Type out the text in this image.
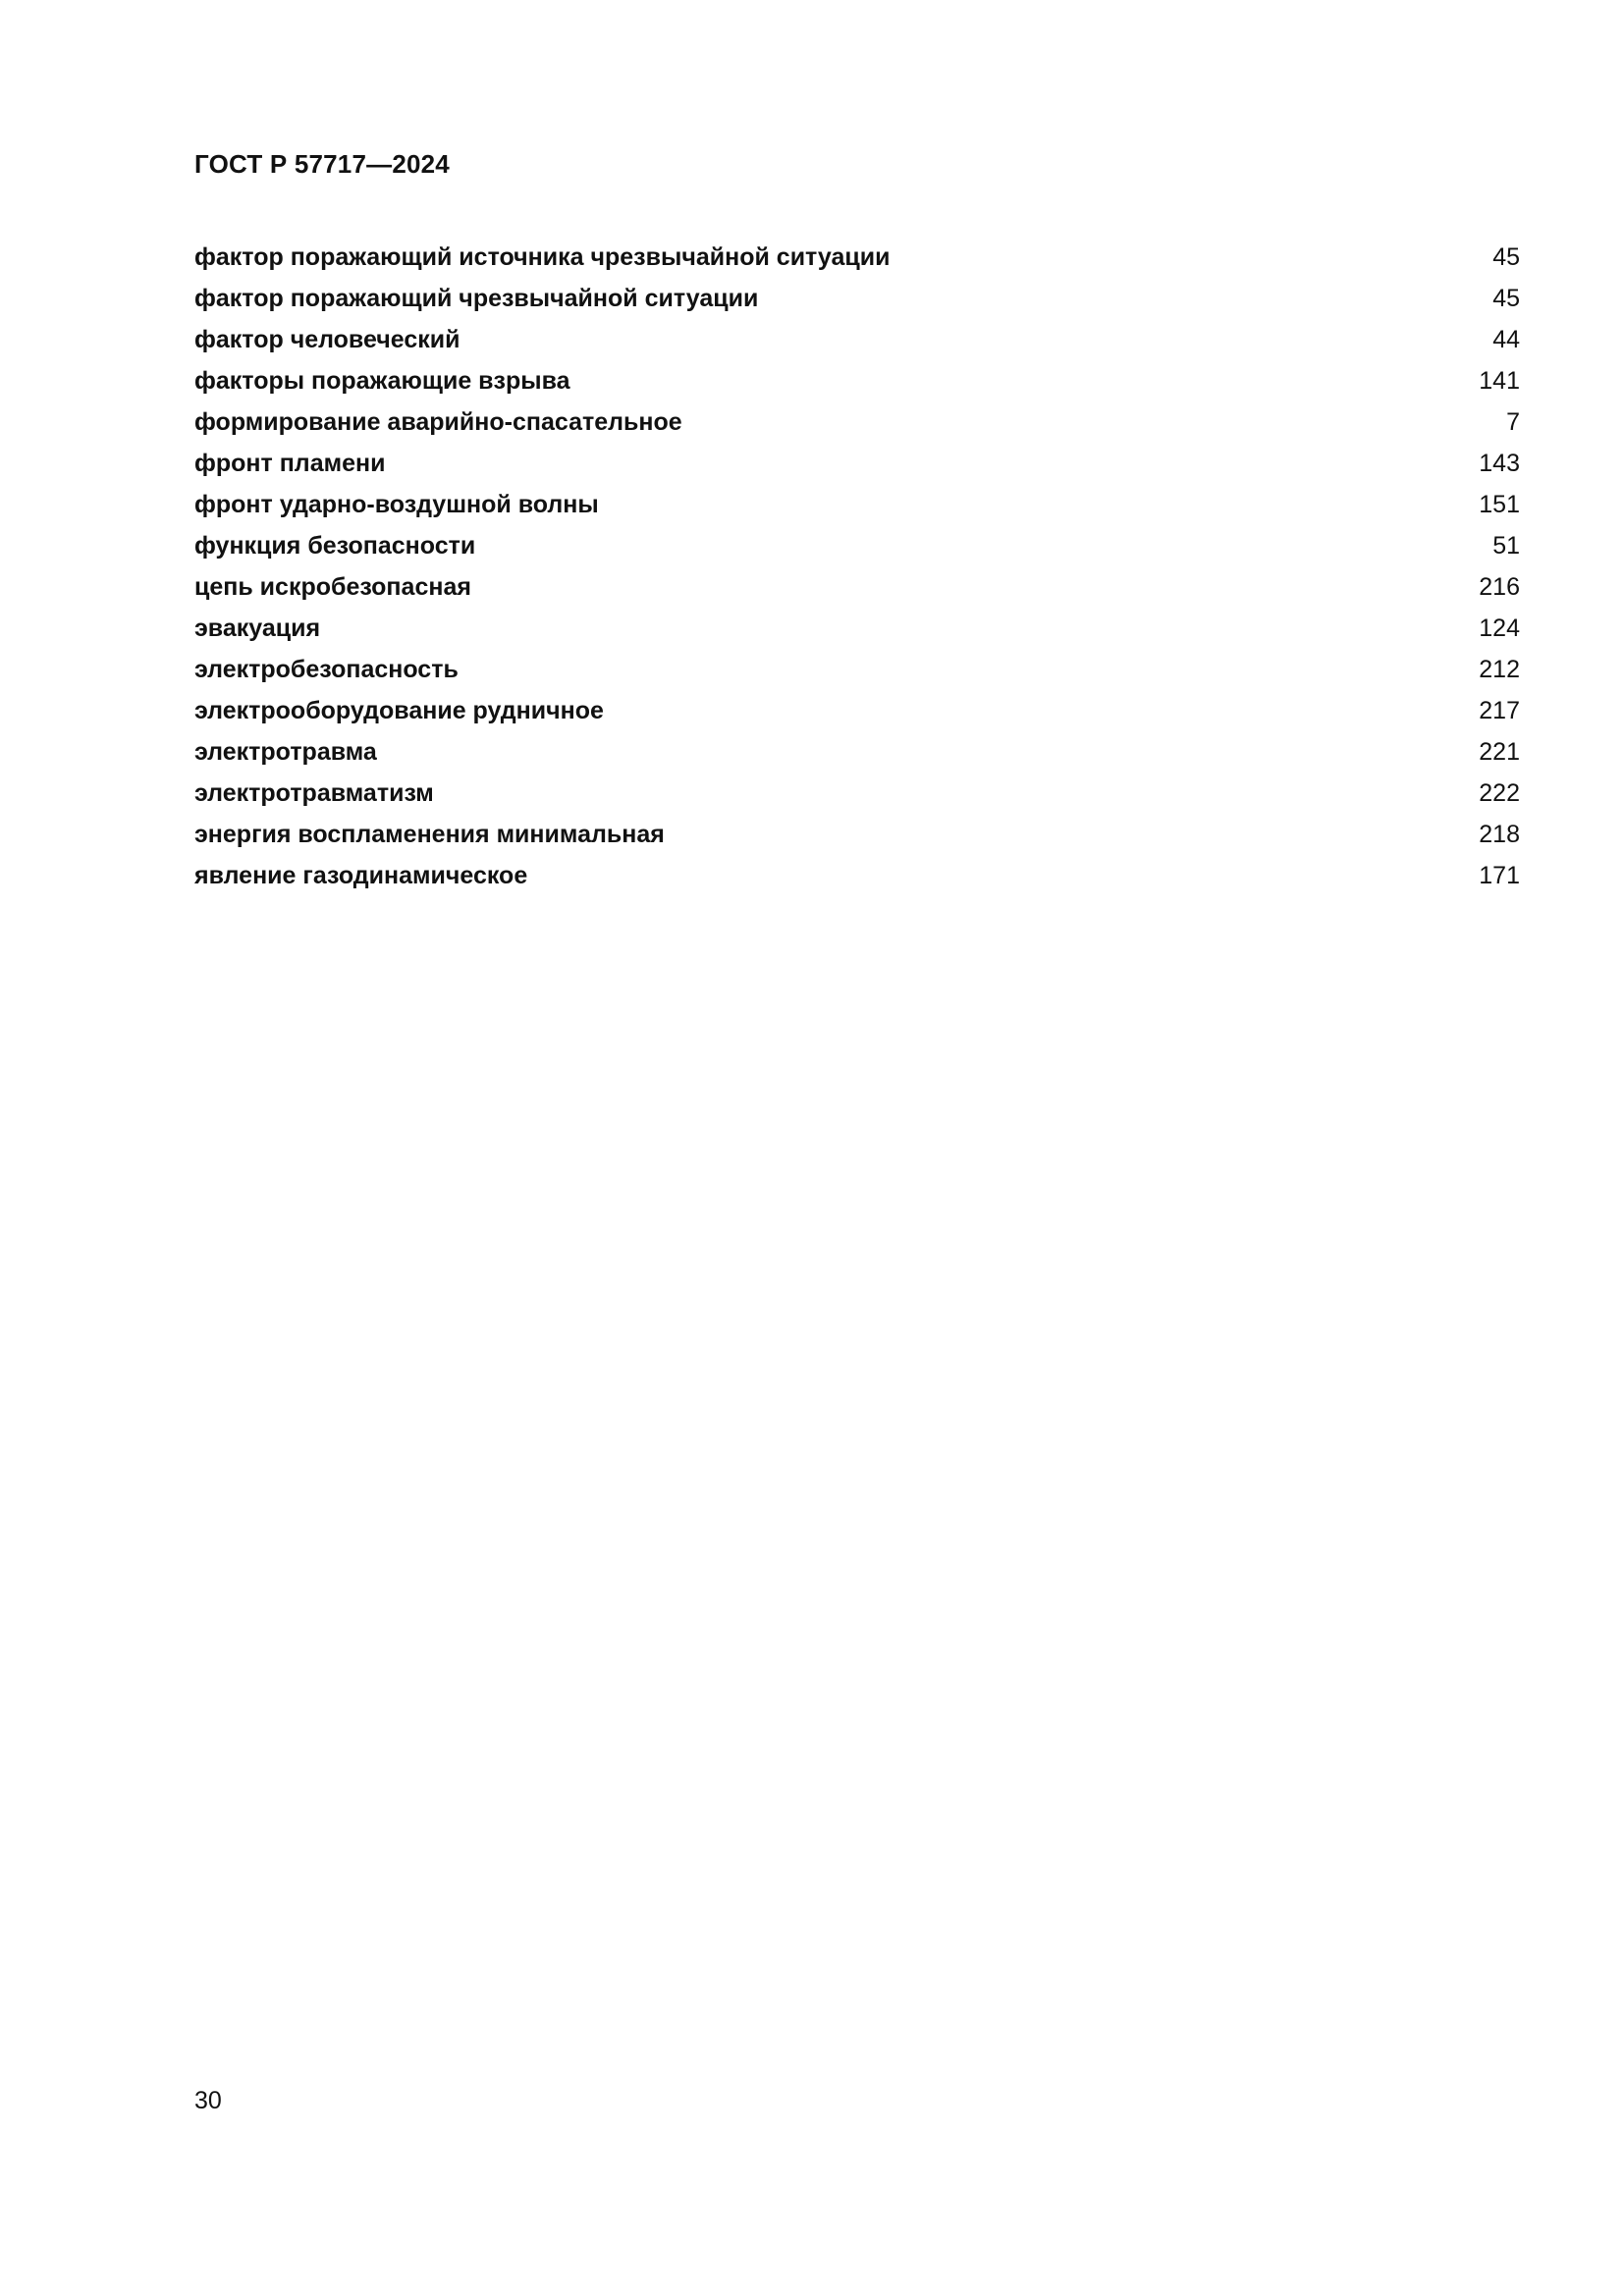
ГОСТ Р 57717—2024
фактор поражающий источника чрезвычайной ситуации	45
фактор поражающий чрезвычайной ситуации	45
фактор человеческий	44
факторы поражающие взрыва	141
формирование аварийно-спасательное	7
фронт пламени	143
фронт ударно-воздушной волны	151
функция безопасности	51
цепь искробезопасная	216
эвакуация	124
электробезопасность	212
электрооборудование рудничное	217
электротравма	221
электротравматизм	222
энергия воспламенения минимальная	218
явление газодинамическое	171
30
